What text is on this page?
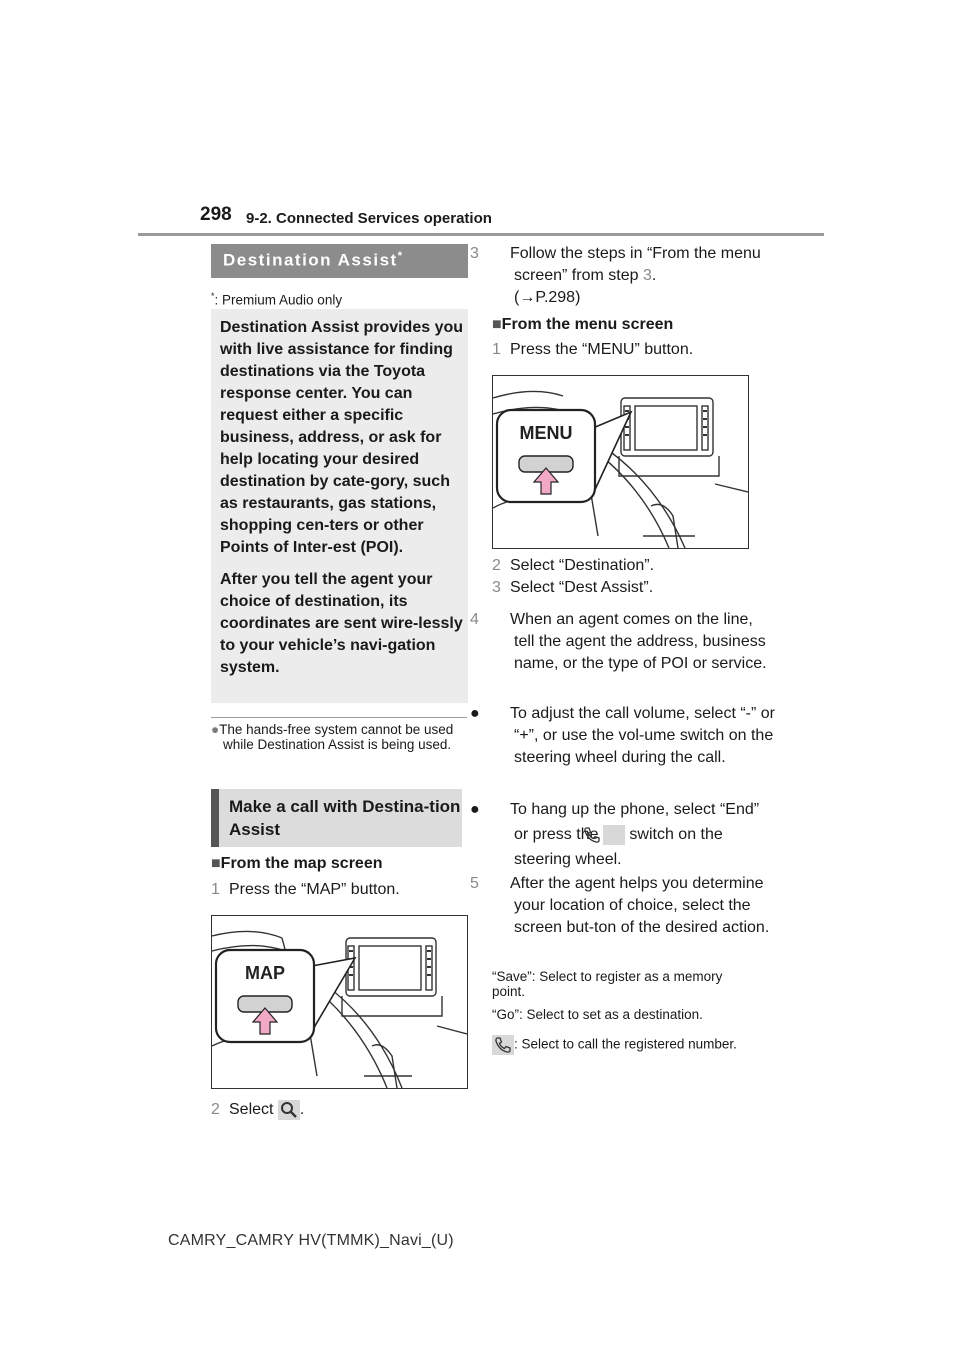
298 9-2. Connected Services operation
Destination Assist*
*: Premium Audio only

Destination Assist provides you with live assistance for finding destinations via the Toyota response center. You can request either a specific business, address, or ask for help locating your desired destination by cate-gory, such as restaurants, gas stations, shopping cen-ters or other Points of Inter-est (POI).

After you tell the agent your choice of destination, its coordinates are sent wire-lessly to your vehicle’s navi-gation system.

●The hands-free system cannot be used while Destination Assist is being used.
Make a call with Destina-tion Assist
■From the map screen
1 Press the “MAP” button.
MAP
2 Select .
3 Follow the steps in “From the menu screen” from step 3.
(→P.298)
■From the menu screen
1 Press the “MENU” button.
MENU
2 Select “Destination”.
3 Select “Dest Assist”.
4 When an agent comes on the line, tell the agent the address, business name, or the type of POI or service.
● To adjust the call volume, select “-” or “+”, or use the vol-ume switch on the steering wheel during the call.
● To hang up the phone, select “End” or press the switch on the steering wheel.
5 After the agent helps you determine your location of choice, select the screen but-ton of the desired action.
“Save”: Select to register as a memory point.
“Go”: Select to set as a destination.
: Select to call the registered number.
CAMRY_CAMRY HV(TMMK)_Navi_(U)
